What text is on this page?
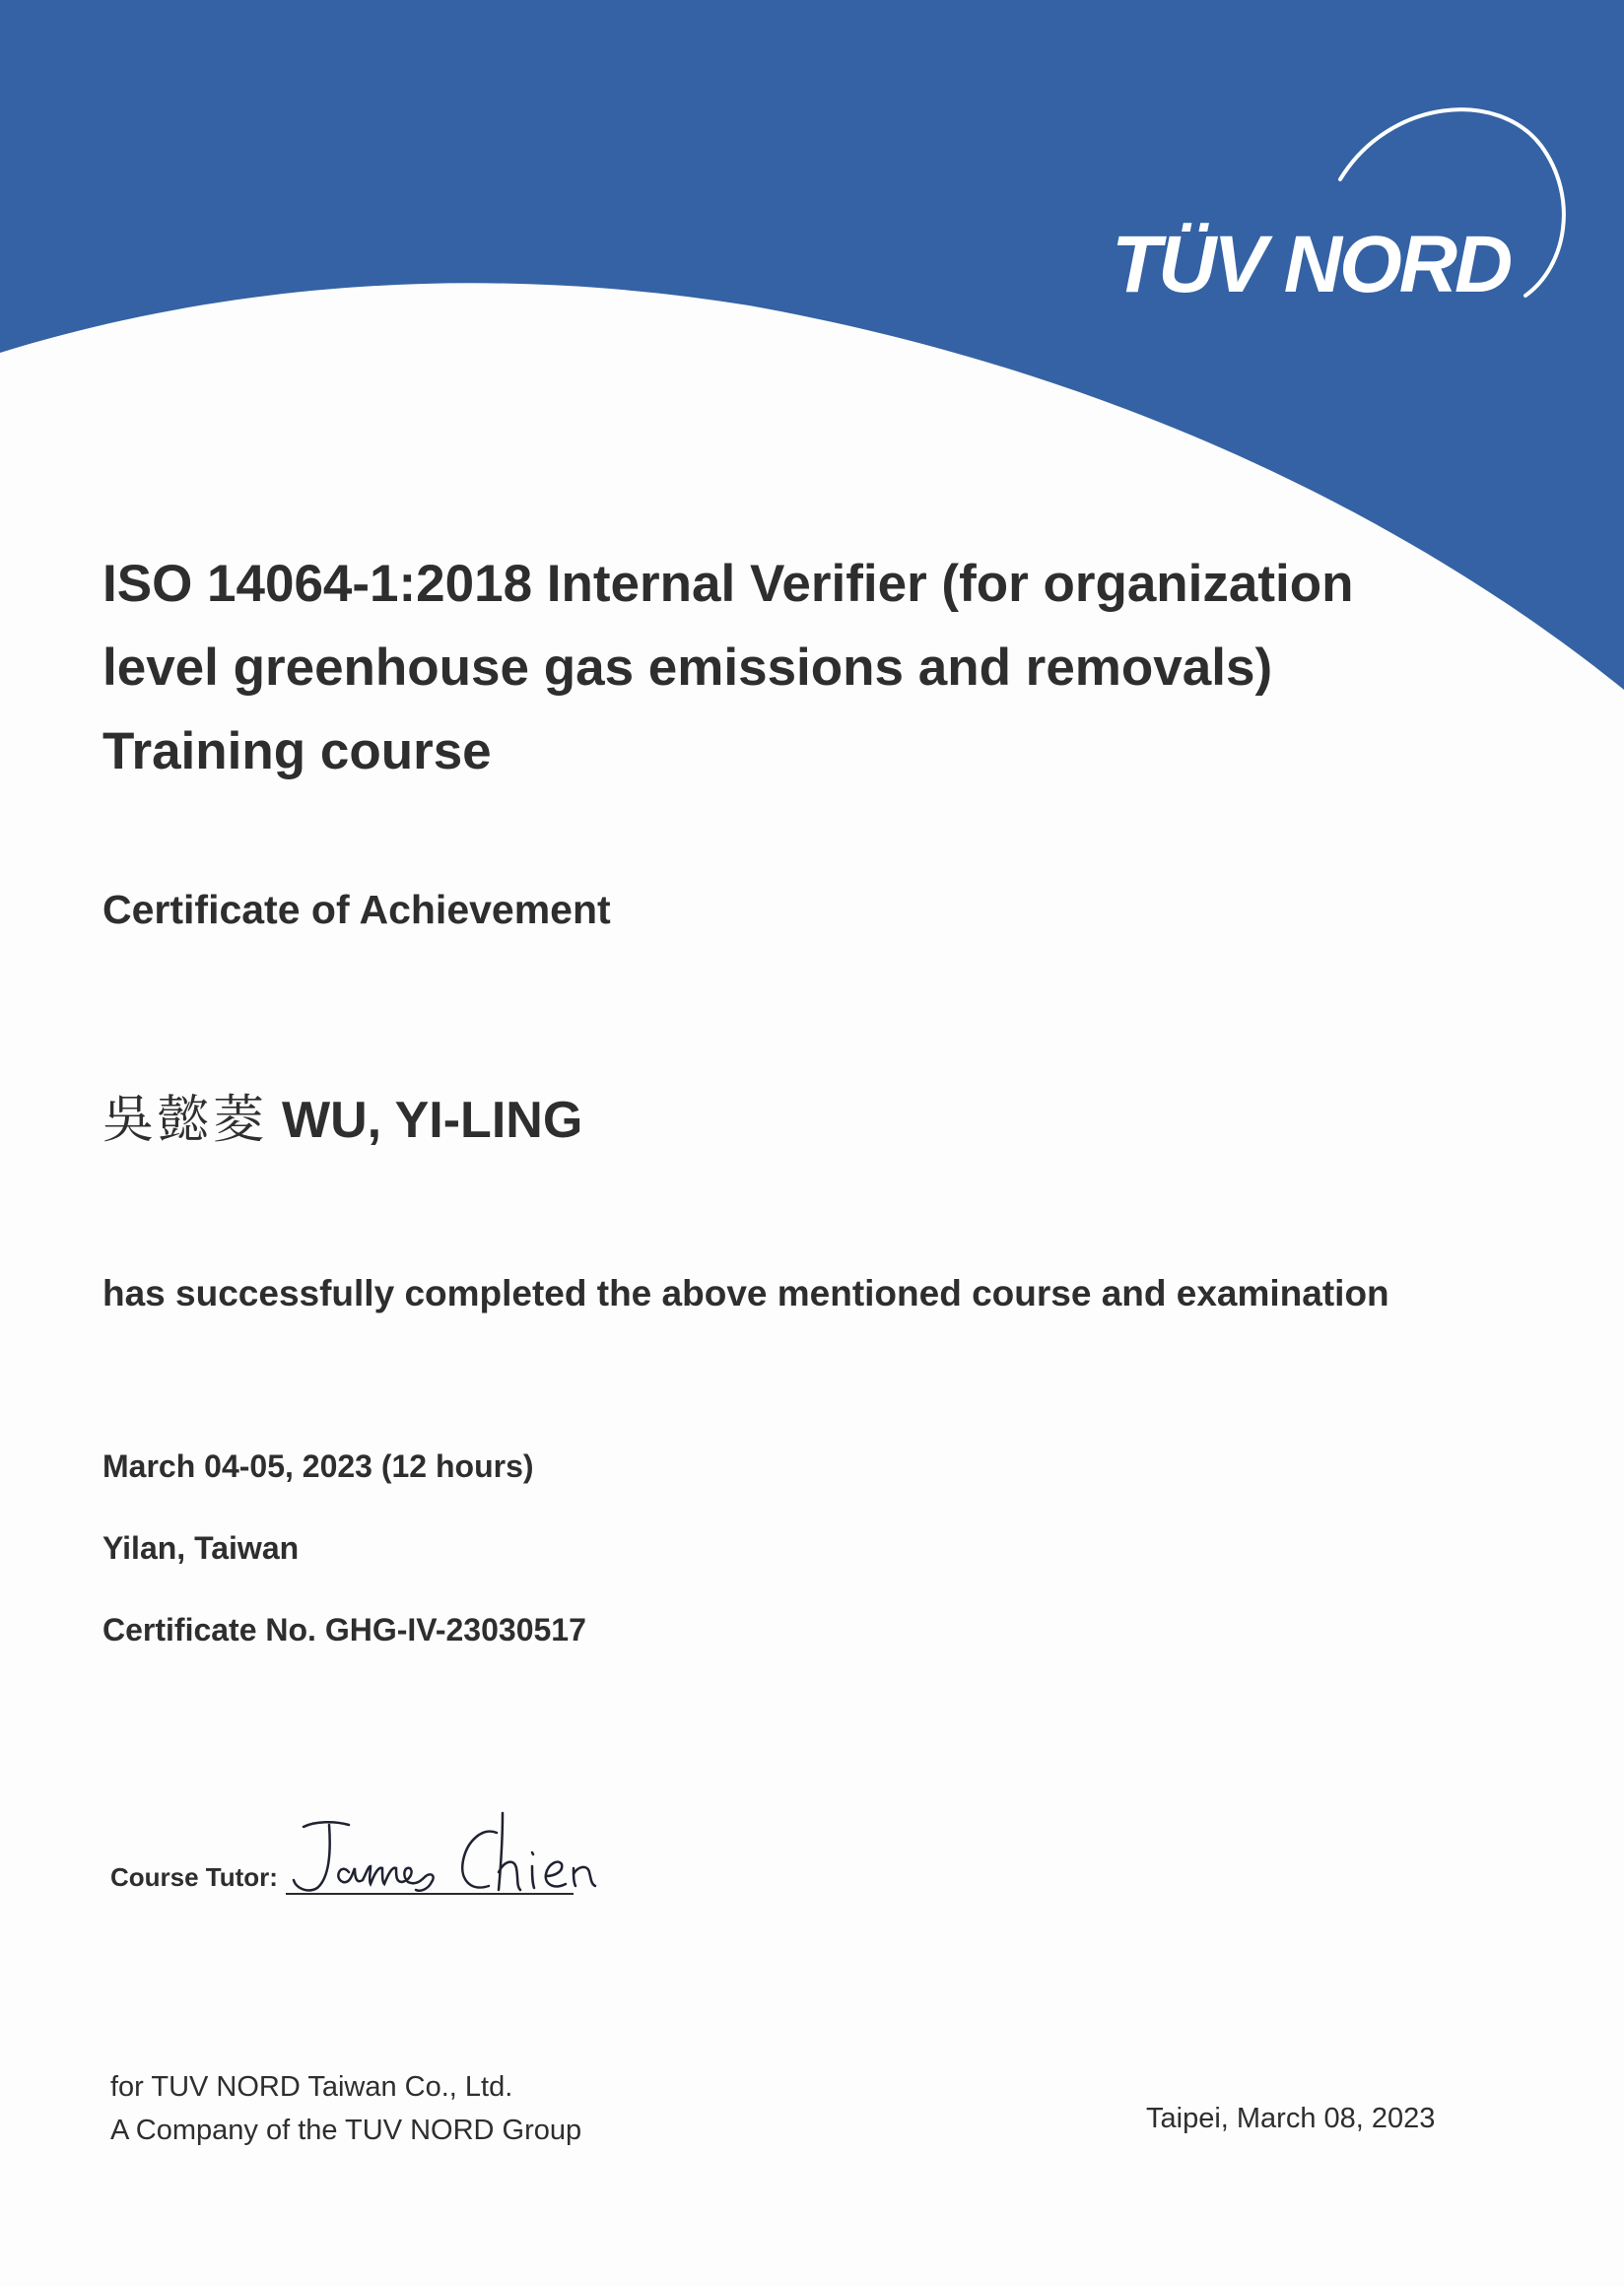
TÜV NORD
ISO 14064-1:2018 Internal Verifier (for organization
level greenhouse gas emissions and removals)
Training course
Certificate of Achievement
吳懿菱 WU, YI-LING

has successfully completed the above mentioned course and examination

March 04-05, 2023 (12 hours)

Yilan, Taiwan

Certificate No. GHG-IV-23030517

Course Tutor:
for TUV NORD Taiwan Co., Ltd.
A Company of the TUV NORD Group	Taipei, March 08, 2023
